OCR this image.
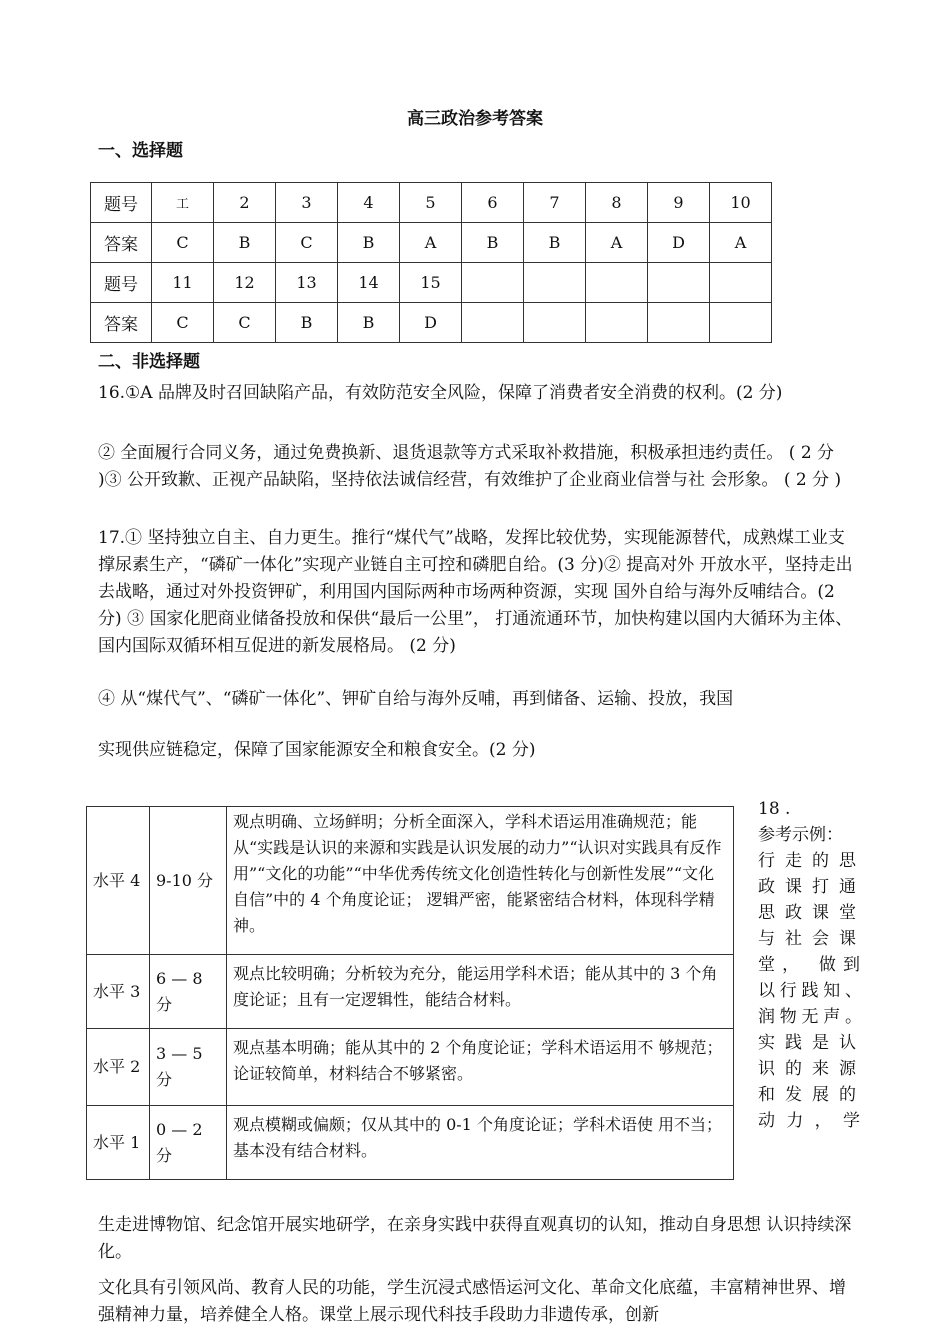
高三政治参考答案
一、选择题
题号	工	2	3	4	5	6	7	8	9	10
答案	C	B	C	B	A	B	B	A	D	A
题号	11	12	13	14	15					
答案	C	C	B	B	D					
二、非选择题

16.①A 品牌及时召回缺陷产品，有效防范安全风险，保障了消费者安全消费的权利。(2 分)

② 全面履行合同义务，通过免费换新、退货退款等方式采取补救措施，积极承担违约责任。 ( 2 分 )③ 公开致歉、正视产品缺陷，坚持依法诚信经营，有效维护了企业商业信誉与社 会形象。 ( 2 分 )

17.① 坚持独立自主、自力更生。推行“煤代气”战略，发挥比较优势，实现能源替代，成熟煤工业支撑尿素生产，“磷矿一体化”实现产业链自主可控和磷肥自给。(3 分)② 提高对外 开放水平，坚持走出去战略，通过对外投资钾矿，利用国内国际两种市场两种资源，实现 国外自给与海外反哺结合。(2 分) ③ 国家化肥商业储备投放和保供“最后一公里”， 打通流通环节，加快构建以国内大循环为主体、国内国际双循环相互促进的新发展格局。 (2 分)

④ 从“煤代气”、“磷矿一体化”、钾矿自给与海外反哺，再到储备、运输、投放，我国

实现供应链稳定，保障了国家能源安全和粮食安全。(2 分)

水平 4	9-10 分	观点明确、立场鲜明；分析全面深入，学科术语运用准确规范；能从“实践是认识的来源和实践是认识发展的动力”“认识对实践具有反作用”“文化的功能”“中华优秀传统文化创造性转化与创新性发展”“文化自信”中的 4 个角度论证； 逻辑严密，能紧密结合材料，体现科学精神。
水平 3	6 — 8 分	观点比较明确；分析较为充分，能运用学科术语；能从其中的 3 个角度论证；且有一定逻辑性，能结合材料。
水平 2	3 — 5 分	观点基本明确；能从其中的 2 个角度论证；学科术语运用不 够规范；论证较简单，材料结合不够紧密。
水平 1	0 — 2 分	观点模糊或偏颇；仅从其中的 0-1 个角度论证；学科术语使 用不当；基本没有结合材料。
18 .
参考示例：
行走的思
政课打通
思政课堂
与社会课
堂， 做到
以行践知、
润物无声。
实践是认
识的来源
和发展的
动力，学

生走进博物馆、纪念馆开展实地研学，在亲身实践中获得直观真切的认知，推动自身思想 认识持续深化。

文化具有引领风尚、教育人民的功能，学生沉浸式感悟运河文化、革命文化底蕴，丰富精神世界、增强精神力量，培养健全人格。课堂上展示现代科技手段助力非遗传承，创新
